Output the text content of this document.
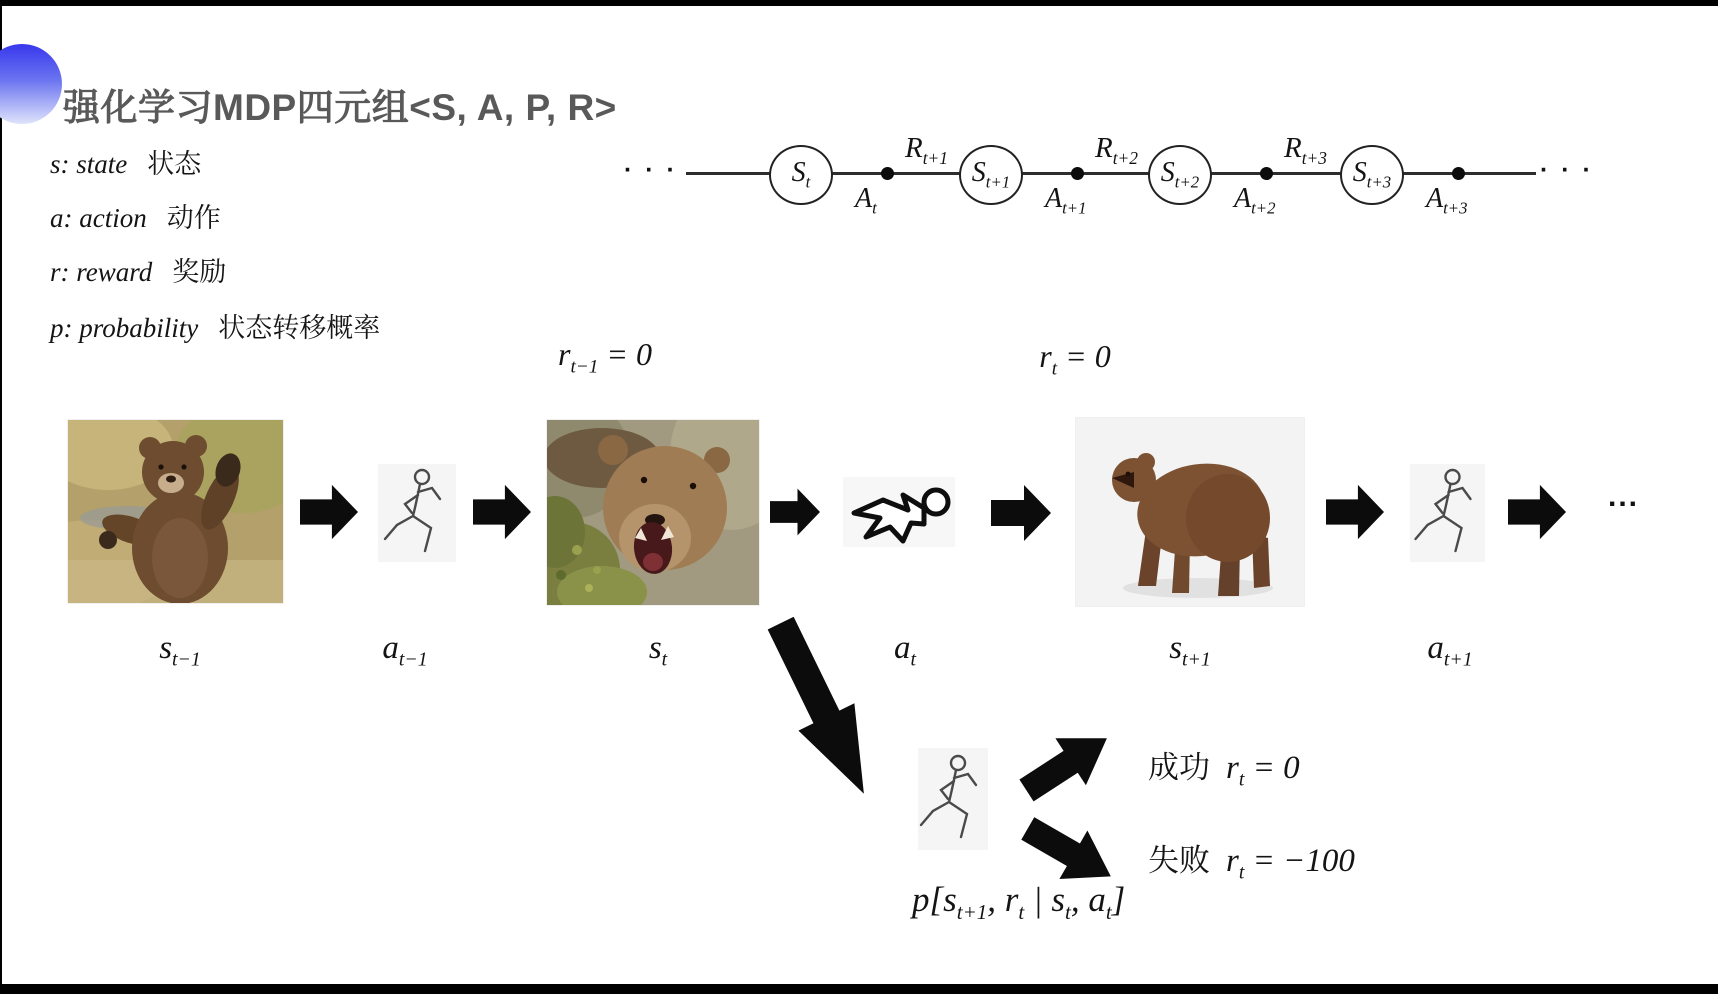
强化学习MDP四元组<S, A, P, R>
s: state 状态
a: action 动作
r: reward 奖励
p: probability 状态转移概率
· · ·	· · ·
$S_t$	$S_{t+1}$	$S_{t+2}$	$S_{t+3}$
$R_{t+1}$	$R_{t+2}$	$R_{t+3}$
$A_t$	$A_{t+1}$	$A_{t+2}$	$A_{t+3}$
$r_{t-1} = 0$	$r_t = 0$
...
$s_{t-1}$	$a_{t-1}$	$s_t$	$a_t$	$s_{t+1}$	$a_{t+1}$
成功 $r_t = 0$
失败 $r_t = -100$
$p[s_{t+1}$, $r_t$ | $s_t$, $a_t$]
